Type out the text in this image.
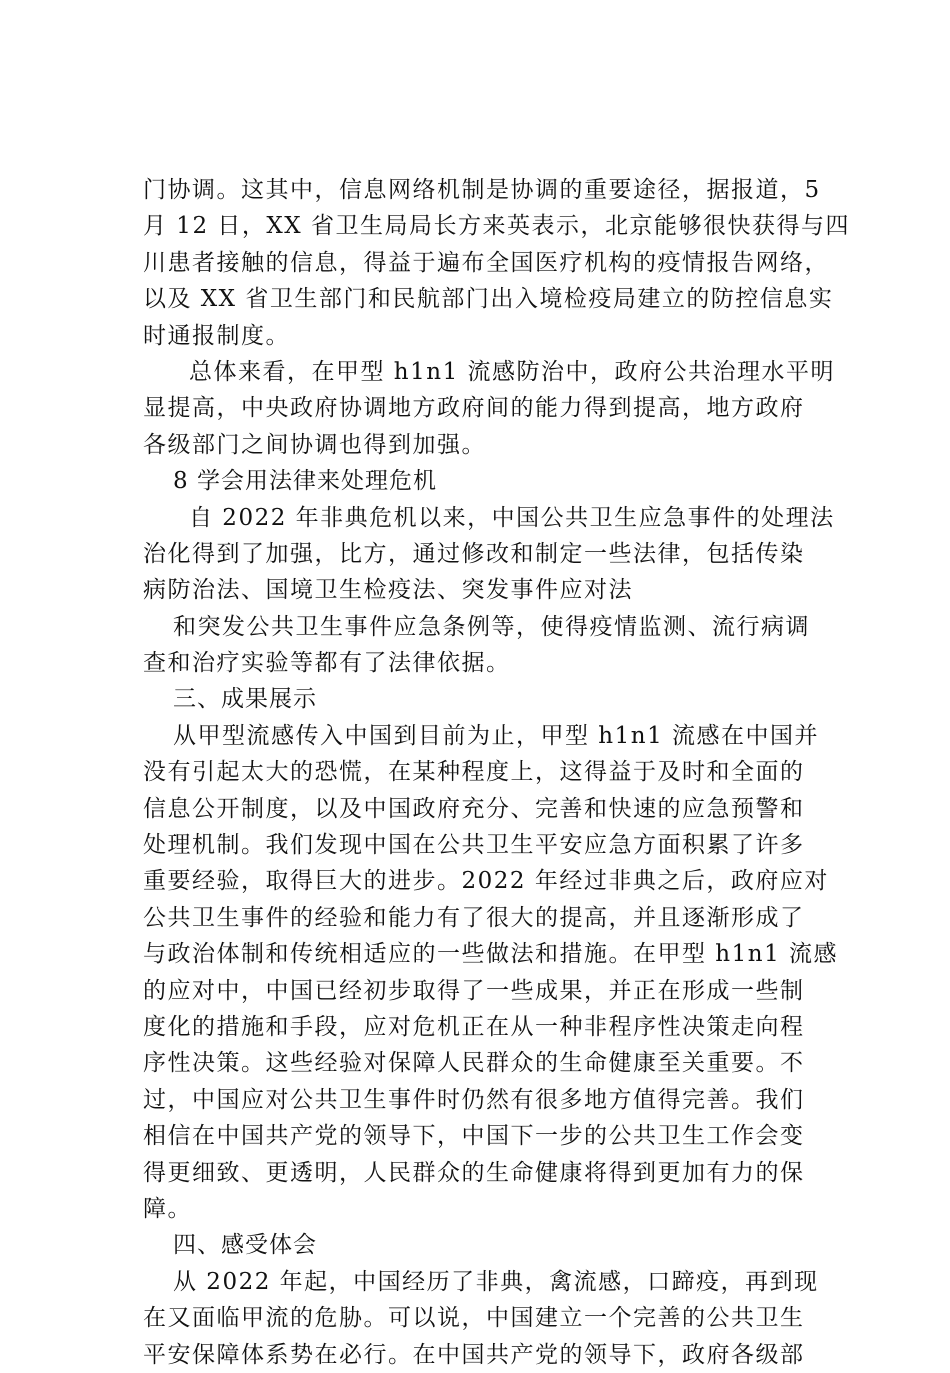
门协调。这其中，信息网络机制是协调的重要途径，据报道，5
月 12 日，XX 省卫生局局长方来英表示，北京能够很快获得与四
川患者接触的信息，得益于遍布全国医疗机构的疫情报告网络，
以及 XX 省卫生部门和民航部门出入境检疫局建立的防控信息实
时通报制度。
总体来看，在甲型 h1n1 流感防治中，政府公共治理水平明
显提高，中央政府协调地方政府间的能力得到提高，地方政府
各级部门之间协调也得到加强。
8 学会用法律来处理危机
自 2022 年非典危机以来，中国公共卫生应急事件的处理法
治化得到了加强，比方，通过修改和制定一些法律，包括传染
病防治法、国境卫生检疫法、突发事件应对法
和突发公共卫生事件应急条例等，使得疫情监测、流行病调
查和治疗实验等都有了法律依据。
三、成果展示
从甲型流感传入中国到目前为止，甲型 h1n1 流感在中国并
没有引起太大的恐慌，在某种程度上，这得益于及时和全面的
信息公开制度，以及中国政府充分、完善和快速的应急预警和
处理机制。我们发现中国在公共卫生平安应急方面积累了许多
重要经验，取得巨大的进步。2022 年经过非典之后，政府应对
公共卫生事件的经验和能力有了很大的提高，并且逐渐形成了
与政治体制和传统相适应的一些做法和措施。在甲型 h1n1 流感
的应对中，中国已经初步取得了一些成果，并正在形成一些制
度化的措施和手段，应对危机正在从一种非程序性决策走向程
序性决策。这些经验对保障人民群众的生命健康至关重要。不
过，中国应对公共卫生事件时仍然有很多地方值得完善。我们
相信在中国共产党的领导下，中国下一步的公共卫生工作会变
得更细致、更透明，人民群众的生命健康将得到更加有力的保
障。
四、感受体会
从 2022 年起，中国经历了非典，禽流感，口蹄疫，再到现
在又面临甲流的危胁。可以说，中国建立一个完善的公共卫生
平安保障体系势在必行。在中国共产党的领导下，政府各级部
